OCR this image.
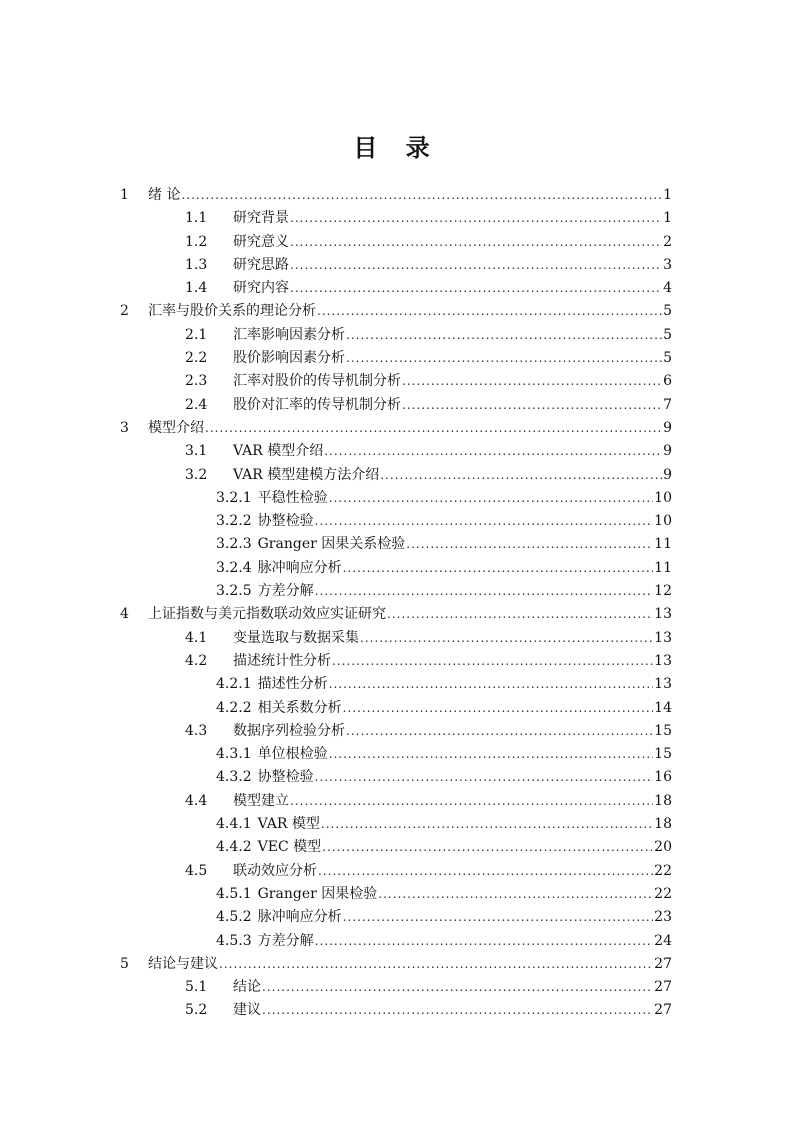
目 录
1	绪 论 .....	1
1.1	研究背景 .....	1
1.2	研究意义 .....	2
1.3	研究思路 .....	3
1.4	研究内容 .....	4
2	汇率与股价关系的理论分析 .....	5
2.1	汇率影响因素分析 .....	5
2.2	股价影响因素分析 .....	5
2.3	汇率对股价的传导机制分析 .....	6
2.4	股价对汇率的传导机制分析 .....	7
3	模型介绍 .....	9
3.1	VAR 模型介绍 .....	9
3.2	VAR 模型建模方法介绍 .....	9
3.2.1 平稳性检验 .....	10
3.2.2 协整检验 .....	10
3.2.3 Granger 因果关系检验 .....	11
3.2.4 脉冲响应分析 .....	11
3.2.5 方差分解 .....	12
4	上证指数与美元指数联动效应实证研究 .....	13
4.1	变量选取与数据采集 .....	13
4.2	描述统计性分析 .....	13
4.2.1 描述性分析 .....	13
4.2.2 相关系数分析 .....	14
4.3	数据序列检验分析 .....	15
4.3.1 单位根检验 .....	15
4.3.2 协整检验 .....	16
4.4	模型建立 .....	18
4.4.1 VAR 模型 .....	18
4.4.2 VEC 模型 .....	20
4.5	联动效应分析 .....	22
4.5.1 Granger 因果检验 .....	22
4.5.2 脉冲响应分析 .....	23
4.5.3 方差分解 .....	24
5	结论与建议 .....	27
5.1	结论 .....	27
5.2	建议 .....	27
